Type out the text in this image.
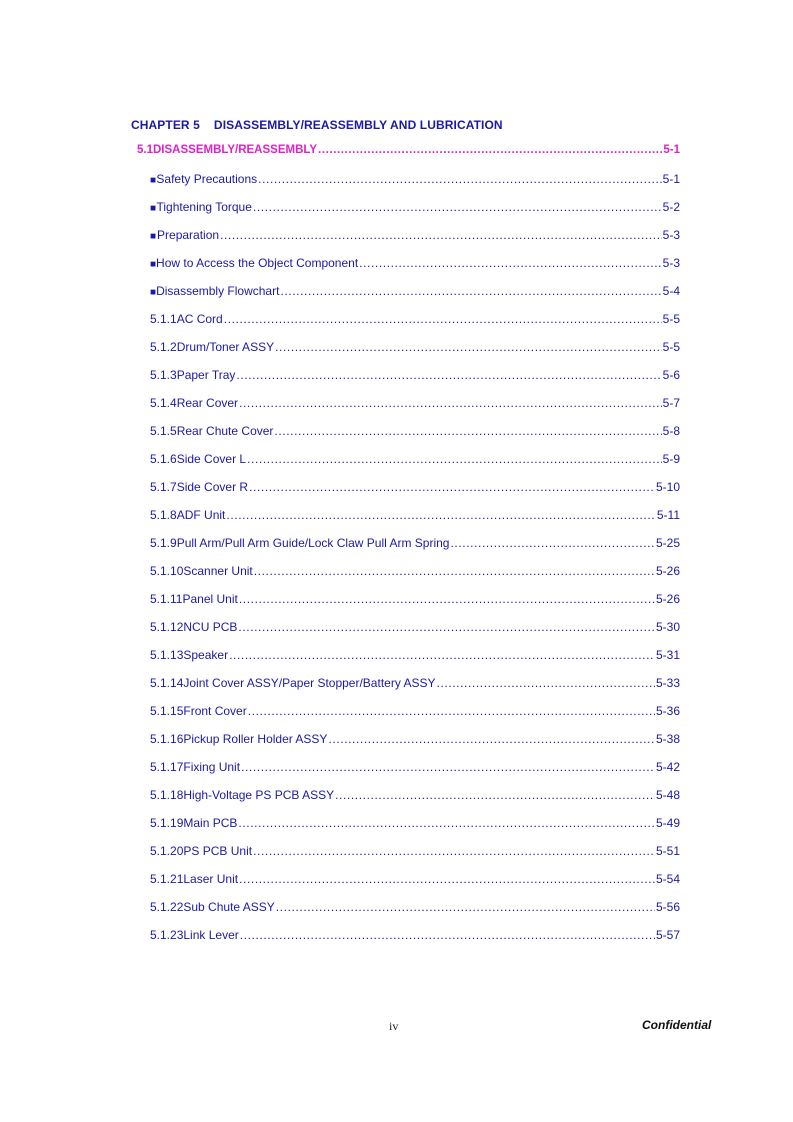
CHAPTER 5 DISASSEMBLY/REASSEMBLY AND LUBRICATION
5.1 DISASSEMBLY/REASSEMBLY .....	5-1
■ Safety Precautions .....	5-1
■ Tightening Torque .....	5-2
■ Preparation .....	5-3
■ How to Access the Object Component .....	5-3
■ Disassembly Flowchart .....	5-4
5.1.1 AC Cord .....	5-5
5.1.2 Drum/Toner ASSY .....	5-5
5.1.3 Paper Tray .....	5-6
5.1.4 Rear Cover .....	5-7
5.1.5 Rear Chute Cover .....	5-8
5.1.6 Side Cover L .....	5-9
5.1.7 Side Cover R .....	5-10
5.1.8 ADF Unit .....	5-11
5.1.9 Pull Arm/Pull Arm Guide/Lock Claw Pull Arm Spring .....	5-25
5.1.10 Scanner Unit .....	5-26
5.1.11 Panel Unit .....	5-26
5.1.12 NCU PCB .....	5-30
5.1.13 Speaker .....	5-31
5.1.14 Joint Cover ASSY/Paper Stopper/Battery ASSY .....	5-33
5.1.15 Front Cover .....	5-36
5.1.16 Pickup Roller Holder ASSY .....	5-38
5.1.17 Fixing Unit .....	5-42
5.1.18 High-Voltage PS PCB ASSY .....	5-48
5.1.19 Main PCB .....	5-49
5.1.20 PS PCB Unit .....	5-51
5.1.21 Laser Unit .....	5-54
5.1.22 Sub Chute ASSY .....	5-56
5.1.23 Link Lever .....	5-57
iv	Confidential
